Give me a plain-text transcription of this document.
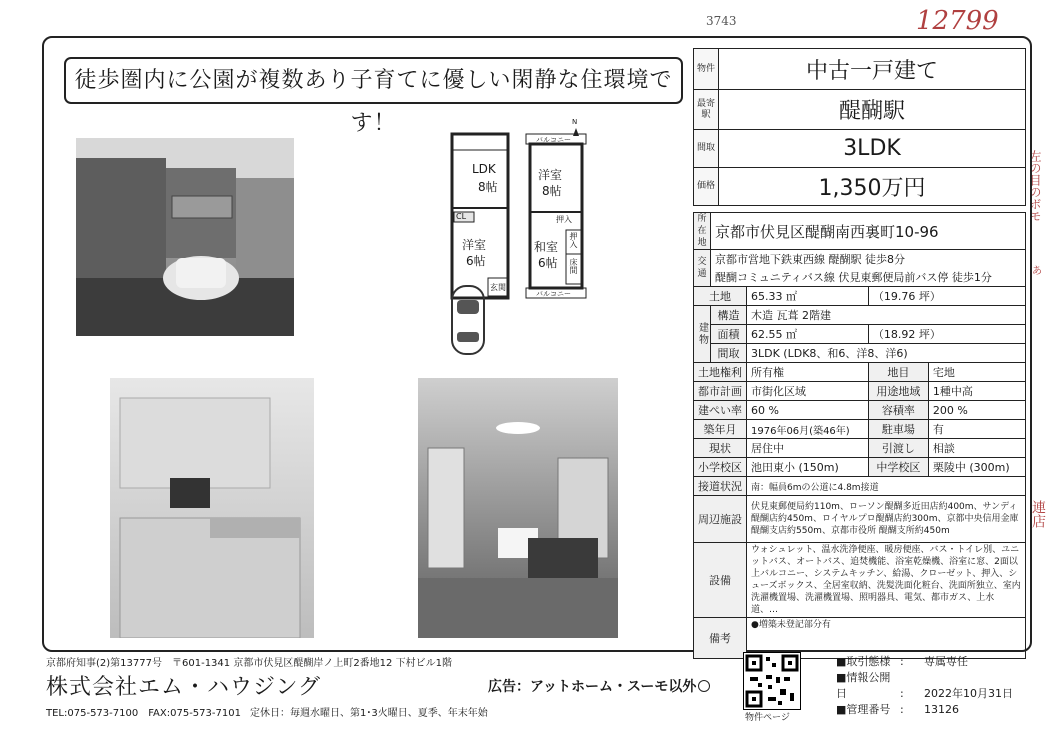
3743	12799
左の目のボモ
あ
連店
徒歩圏内に公園が複数あり子育てに優しい閑静な住環境です！	N
LDK
8帖
CL
洋室
6帖
玄関
バルコニー
洋室
8帖
押入
和室
6帖
押入
床間
バルコニー
物件	中古一戸建て
最寄駅	醍醐駅
間取	3LDK
価格	1,350万円
所在地	京都市伏見区醍醐南西裏町10-96			
交通	京都市営地下鉄東西線 醍醐駅 徒歩8分			
	醍醐コミュニティバス線 伏見東郵便局前バス停 徒歩1分			
土地		65.33 ㎡	（19.76 坪）	
建物	構造	木造 瓦葺 2階建		
	面積	62.55 ㎡	（18.92 坪）	
	間取	3LDK (LDK8、和6、洋8、洋6)		
土地権利		所有権	地目	宅地
都市計画		市街化区域	用途地域	1種中高
建ぺい率		60 %	容積率	200 %
築年月		1976年06月(築46年)	駐車場	有
現状		居住中	引渡し	相談
小学校区		池田東小 (150m)	中学校区	栗陵中 (300m)
接道状況		南：幅員6mの公道に4.8m接道		
周辺施設		伏見東郵便局約110m、ローソン醍醐多近田店約400m、サンディ醍醐店約450m、ロイヤルプロ醍醐店約300m、京都中央信用金庫 醍醐支店約550m、京都市役所 醍醐支所約450m		
設備		ウォシュレット、温水洗浄便座、暖房便座、バス・トイレ別、ユニットバス、オートバス、追焚機能、浴室乾燥機、浴室に窓、2面以上バルコニー、システムキッチン、給湯、クローゼット、押入、シューズボックス、全居室収納、洗髪洗面化粧台、洗面所独立、室内洗濯機置場、洗濯機置場、照明器具、電気、都市ガス、上水道、…		
備考		●増築未登記部分有		
京都府知事(2)第13777号 〒601-1341 京都市伏見区醍醐岸ノ上町2番地12 下村ビル1階
株式会社エム・ハウジング
TEL:075-573-7100　FAX:075-573-7101 定休日：毎週水曜日、第1･3火曜日、夏季、年末年始
広告：アットホーム・スーモ以外
物件ページ
■取引態様 : 専属専任
■情報公開日	: 2022年10月31日
■管理番号 : 13126
